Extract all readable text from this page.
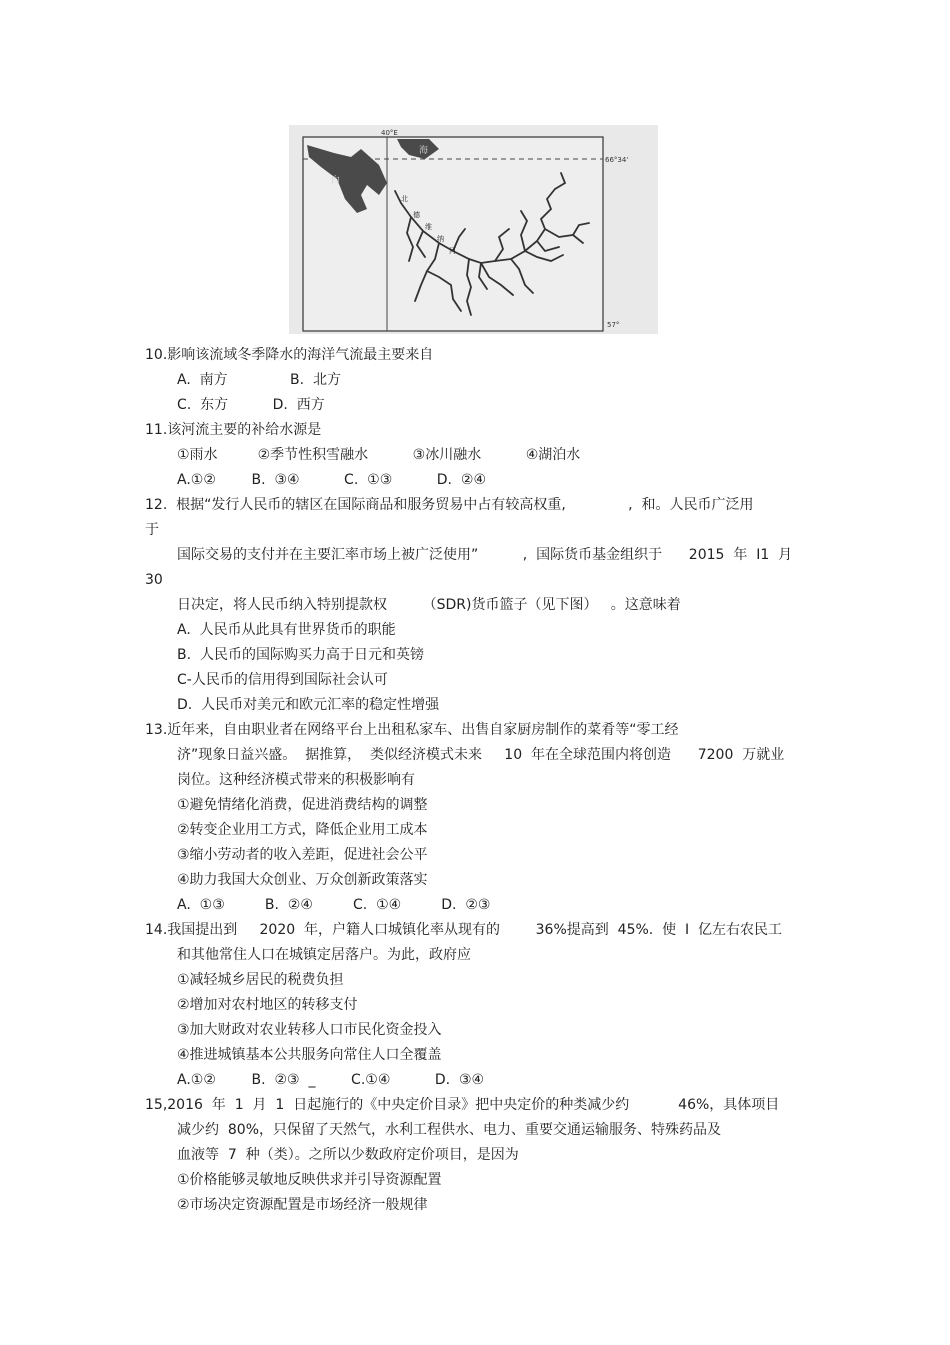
40°E
66°34'
57°
白
海
北
德
维
纳
河
10.影响该流域冬季降水的海洋气流最主要来自
A.  南方              B.  北方
C.  东方          D.  西方
11.该河流主要的补给水源是
①雨水         ②季节性积雪融水          ③冰川融水          ④湖泊水
A.①②        B.  ③④          C.  ①③          D.  ②④
12.  根据“发行人民币的辖区在国际商品和服务贸易中占有较高权重,              ,  和。人民币广泛用
于
国际交易的支付并在主要汇率市场上被广泛使用”          ,  国际货币基金组织于      2015  年  I1  月
30
日决定，将人民币纳入特别提款权        （SDR)货币篮子（见下图）   。这意味着
A.  人民币从此具有世界货币的职能
B.  人民币的国际购买力高于日元和英镑
C-人民币的信用得到国际社会认可
D.  人民币对美元和欧元汇率的稳定性增强
13.近年来，自由职业者在网络平台上出租私家车、出售自家厨房制作的菜肴等“零工经
济”现象日益兴盛。  据推算，  类似经济模式未来     10  年在全球范围内将创造      7200  万就业
岗位。这种经济模式带来的积极影响有
①避免情绪化消费，促进消费结构的调整
②转变企业用工方式，降低企业用工成本
③缩小劳动者的收入差距，促进社会公平
④助力我国大众创业、万众创新政策落实
A.  ①③         B.  ②④         C.  ①④         D.  ②③
14.我国提出到     2020  年，户籍人口城镇化率从现有的        36%提高到  45%.  使  I  亿左右农民工
和其他常住人口在城镇定居落户。为此，政府应
①减轻城乡居民的税费负担
②增加对农村地区的转移支付
③加大财政对农业转移人口市民化资金投入
④推进城镇基本公共服务向常住人口全覆盖
A.①②        B.  ②③  _        C.①④          D.  ③④
15,2016  年  1  月  1  日起施行的《中央定价目录》把中央定价的种类减少约           46%，具体项目
减少约  80%，只保留了天然气，水利工程供水、电力、重要交通运输服务、特殊药品及
血液等  7  种（类）。之所以少数政府定价项目，是因为
①价格能够灵敏地反映供求并引导资源配置
②市场决定资源配置是市场经济一般规律
